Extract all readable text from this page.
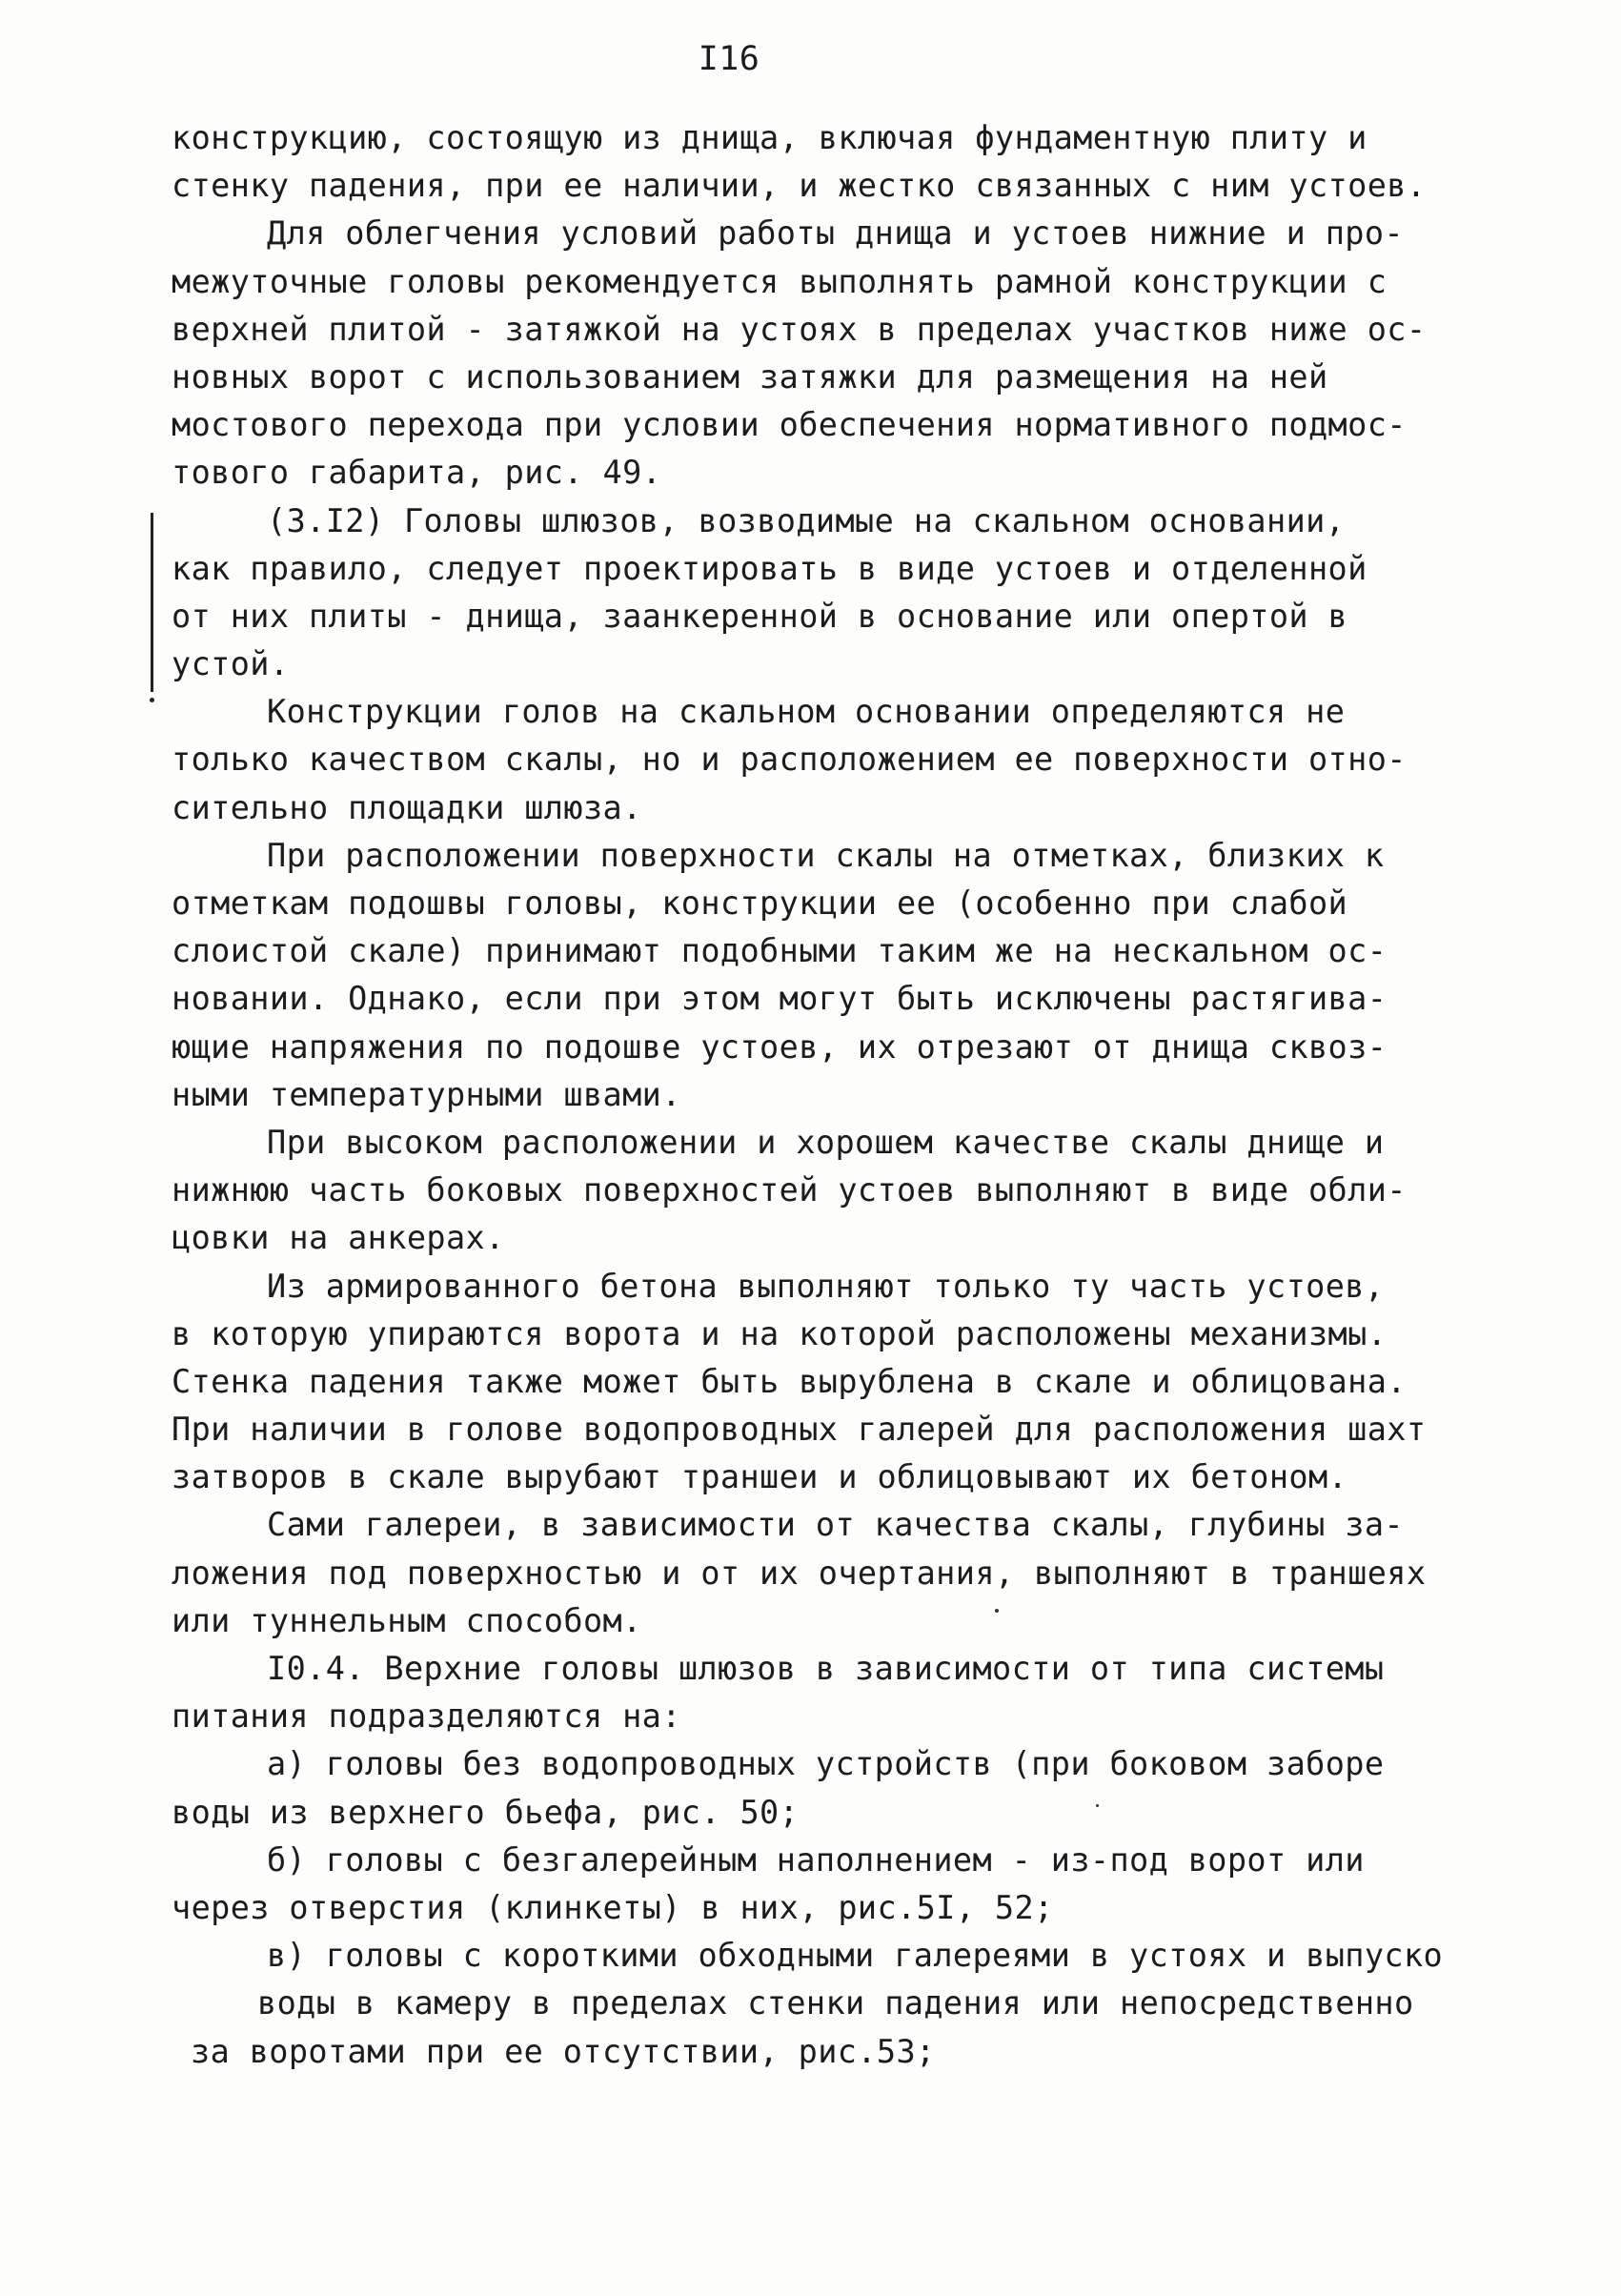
I16
конструкцию, состоящую из днища, включая фундаментную плиту и
стенку падения, при ее наличии, и жестко связанных с ним устоев.
Для облегчения условий работы днища и устоев нижние и про-
межуточные головы рекомендуется выполнять рамной конструкции с
верхней плитой - затяжкой на устоях в пределах участков ниже ос-
новных ворот с использованием затяжки для размещения на ней
мостового перехода при условии обеспечения нормативного подмос-
тового габарита, рис. 49.
(3.I2) Головы шлюзов, возводимые на скальном основании,
как правило, следует проектировать в виде устоев и отделенной
от них плиты - днища, заанкеренной в основание или опертой в
устой.
Конструкции голов на скальном основании определяются не
только качеством скалы, но и расположением ее поверхности отно-
сительно площадки шлюза.
При расположении поверхности скалы на отметках, близких к
отметкам подошвы головы, конструкции ее (особенно при слабой
слоистой скале) принимают подобными таким же на нескальном ос-
новании. Однако, если при этом могут быть исключены растягива-
ющие напряжения по подошве устоев, их отрезают от днища сквоз-
ными температурными швами.
При высоком расположении и хорошем качестве скалы днище и
нижнюю часть боковых поверхностей устоев выполняют в виде обли-
цовки на анкерах.
Из армированного бетона выполняют только ту часть устоев,
в которую упираются ворота и на которой расположены механизмы.
Стенка падения также может быть вырублена в скале и облицована.
При наличии в голове водопроводных галерей для расположения шахт
затворов в скале вырубают траншеи и облицовывают их бетоном.
Сами галереи, в зависимости от качества скалы, глубины за-
ложения под поверхностью и от их очертания, выполняют в траншеях
или туннельным способом.
I0.4. Верхние головы шлюзов в зависимости от типа системы
питания подразделяются на:
а) головы без водопроводных устройств (при боковом заборе
воды из верхнего бьефа, рис. 50;
б) головы с безгалерейным наполнением - из-под ворот или
через отверстия (клинкеты) в них, рис.5I, 52;
в) головы с короткими обходными галереями в устоях и выпуско
воды в камеру в пределах стенки падения или непосредственно
за воротами при ее отсутствии, рис.53;
